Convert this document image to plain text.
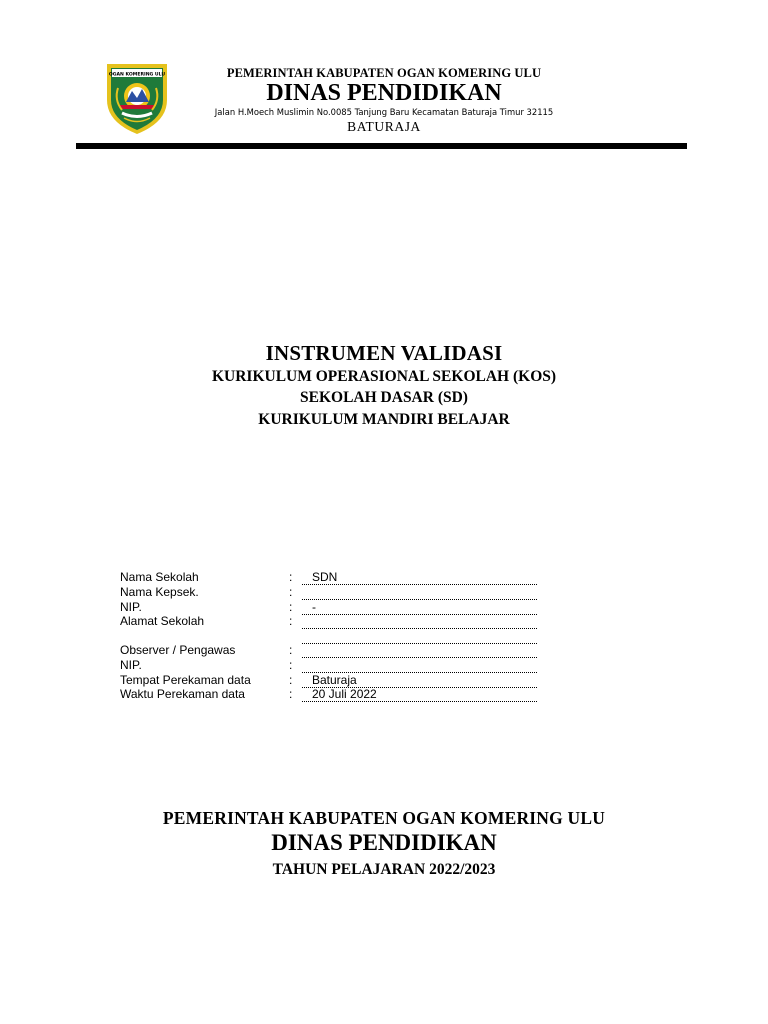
OGAN KOMERING ULU	PEMERINTAH KABUPATEN OGAN KOMERING ULU
DINAS PENDIDIKAN
Jalan H.Moech Muslimin No.0085 Tanjung Baru Kecamatan Baturaja Timur 32115
BATURAJA
INSTRUMEN VALIDASI
KURIKULUM OPERASIONAL SEKOLAH (KOS)
SEKOLAH DASAR (SD)
KURIKULUM MANDIRI BELAJAR
Nama Sekolah	: SDN
Nama Kepsek.	:
NIP.	: -
Alamat Sekolah	:
Observer / Pengawas	:
NIP.	:
Tempat Perekaman data	: Baturaja
Waktu Perekaman data	: 20 Juli 2022
PEMERINTAH KABUPATEN OGAN KOMERING ULU
DINAS PENDIDIKAN
TAHUN PELAJARAN 2022/2023
